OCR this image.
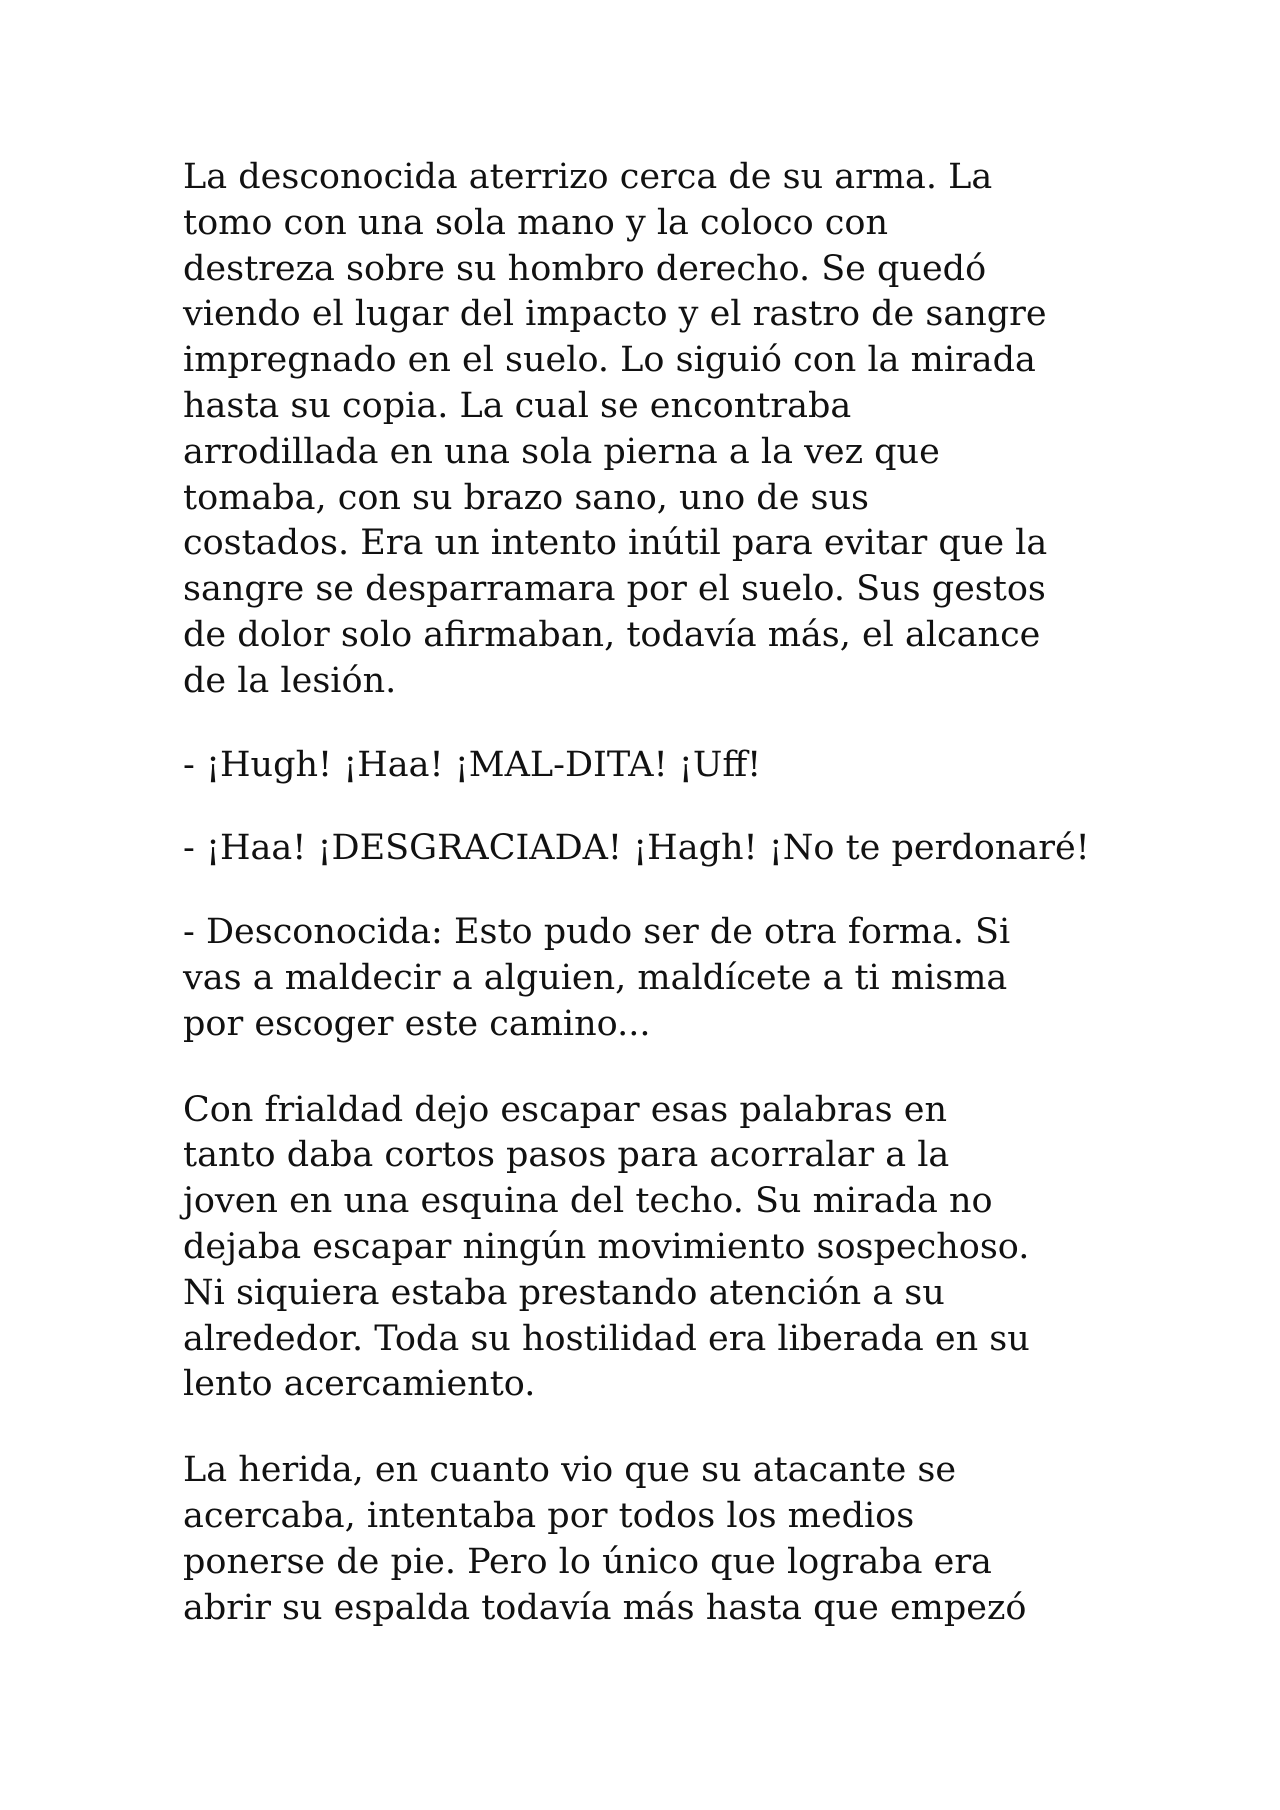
La desconocida aterrizo cerca de su arma. La
tomo con una sola mano y la coloco con
destreza sobre su hombro derecho. Se quedó
viendo el lugar del impacto y el rastro de sangre
impregnado en el suelo. Lo siguió con la mirada
hasta su copia. La cual se encontraba
arrodillada en una sola pierna a la vez que
tomaba, con su brazo sano, uno de sus
costados. Era un intento inútil para evitar que la
sangre se desparramara por el suelo. Sus gestos
de dolor solo afirmaban, todavía más, el alcance
de la lesión.
- ¡Hugh! ¡Haa! ¡MAL-DITA! ¡Uff!
- ¡Haa! ¡DESGRACIADA! ¡Hagh! ¡No te perdonaré!
- Desconocida: Esto pudo ser de otra forma. Si
vas a maldecir a alguien, maldícete a ti misma
por escoger este camino...
Con frialdad dejo escapar esas palabras en
tanto daba cortos pasos para acorralar a la
joven en una esquina del techo. Su mirada no
dejaba escapar ningún movimiento sospechoso.
Ni siquiera estaba prestando atención a su
alrededor. Toda su hostilidad era liberada en su
lento acercamiento.
La herida, en cuanto vio que su atacante se
acercaba, intentaba por todos los medios
ponerse de pie. Pero lo único que lograba era
abrir su espalda todavía más hasta que empezó
